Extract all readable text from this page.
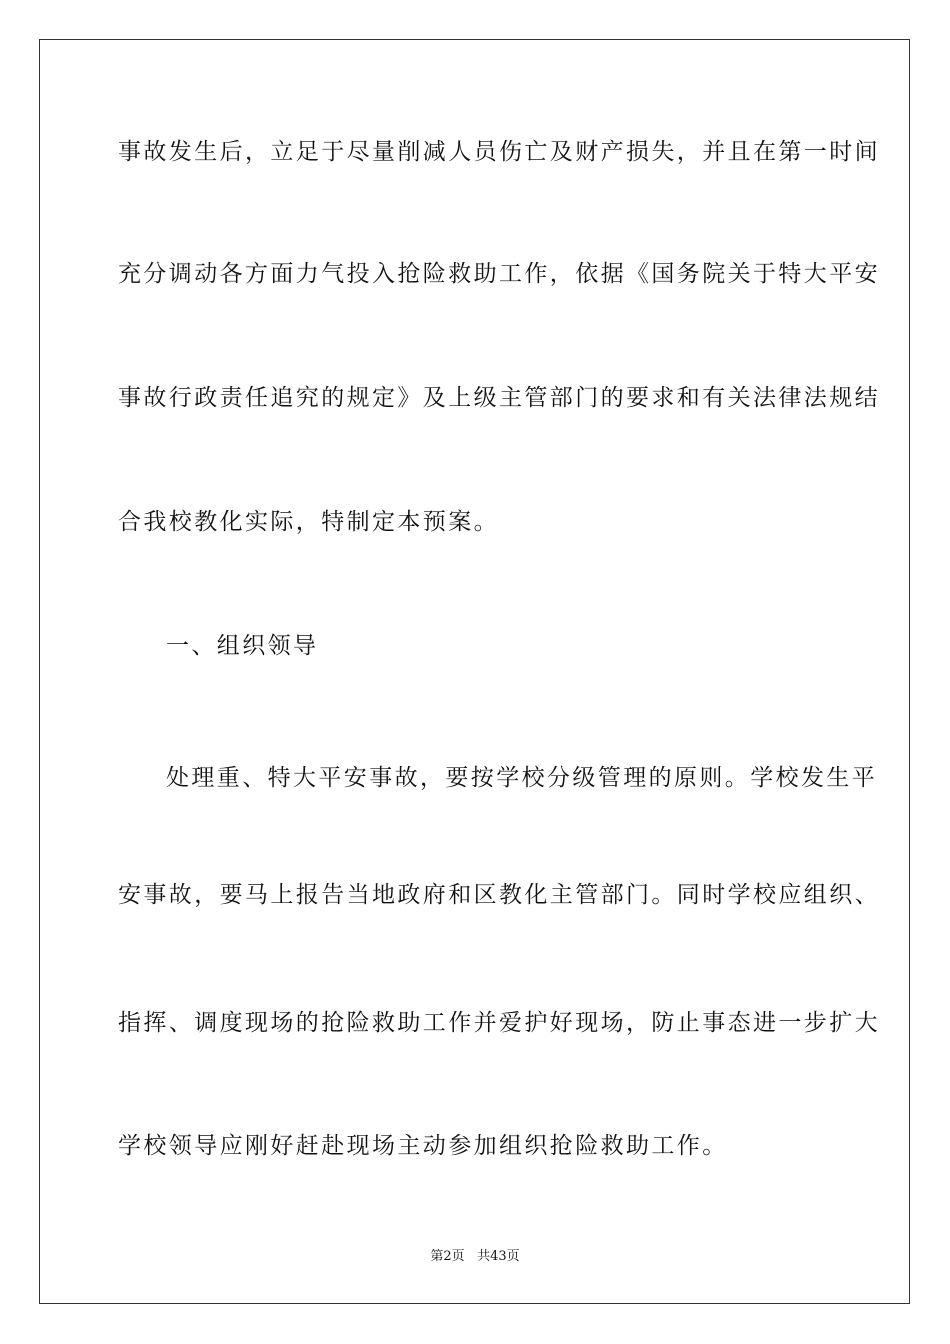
事故发生后，立足于尽量削减人员伤亡及财产损失，并且在第一时间
充分调动各方面力气投入抢险救助工作，依据《国务院关于特大平安
事故行政责任追究的规定》及上级主管部门的要求和有关法律法规结
合我校教化实际，特制定本预案。
一、组织领导
处理重、特大平安事故，要按学校分级管理的原则。学校发生平
安事故，要马上报告当地政府和区教化主管部门。同时学校应组织、
指挥、调度现场的抢险救助工作并爱护好现场，防止事态进一步扩大
学校领导应刚好赶赴现场主动参加组织抢险救助工作。
第2页 共43页
